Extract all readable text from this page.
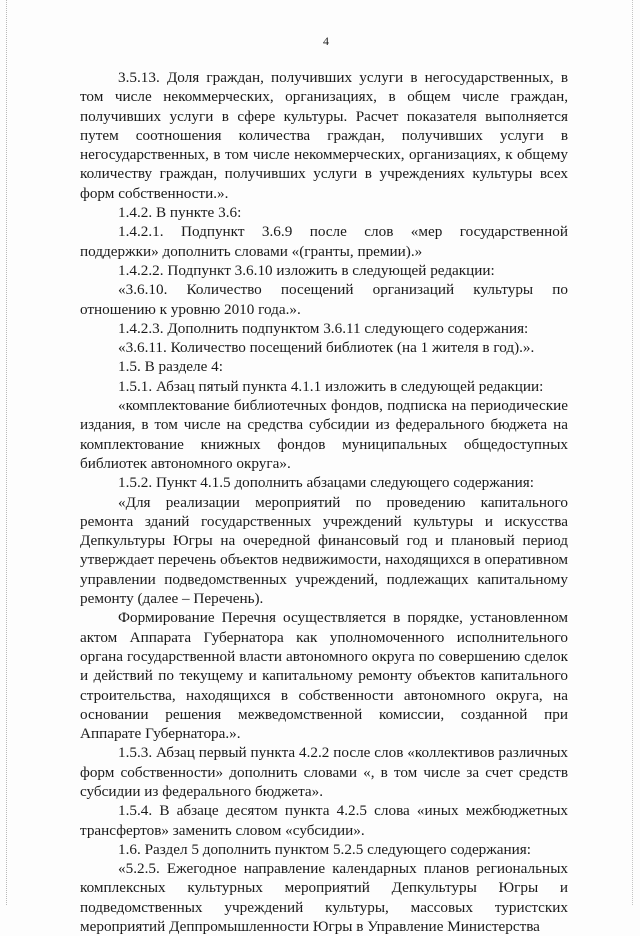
4

3.5.13. Доля граждан, получивших услуги в негосударственных, в том числе некоммерческих, организациях, в общем числе граждан, получивших услуги в сфере культуры. Расчет показателя выполняется путем соотношения количества граждан, получивших услуги в негосударственных, в том числе некоммерческих, организациях, к общему количеству граждан, получивших услуги в учреждениях культуры всех форм собственности.».

1.4.2. В пункте 3.6:

1.4.2.1. Подпункт 3.6.9 после слов «мер государственной поддержки» дополнить словами «(гранты, премии).»

1.4.2.2. Подпункт 3.6.10 изложить в следующей редакции:

«3.6.10. Количество посещений организаций культуры по отношению к уровню 2010 года.».

1.4.2.3. Дополнить подпунктом 3.6.11 следующего содержания:

«3.6.11. Количество посещений библиотек (на 1 жителя в год).».

1.5. В разделе 4:

1.5.1. Абзац пятый пункта 4.1.1 изложить в следующей редакции:

«комплектование библиотечных фондов, подписка на периодические издания, в том числе на средства субсидии из федерального бюджета на комплектование книжных фондов муниципальных общедоступных библиотек автономного округа».

1.5.2. Пункт 4.1.5 дополнить абзацами следующего содержания:

«Для реализации мероприятий по проведению капитального ремонта зданий государственных учреждений культуры и искусства Депкультуры Югры на очередной финансовый год и плановый период утверждает перечень объектов недвижимости, находящихся в оперативном управлении подведомственных учреждений, подлежащих капитальному ремонту (далее – Перечень).

Формирование Перечня осуществляется в порядке, установленном актом Аппарата Губернатора как уполномоченного исполнительного органа государственной власти автономного округа по совершению сделок и действий по текущему и капитальному ремонту объектов капитального строительства, находящихся в собственности автономного округа, на основании решения межведомственной комиссии, созданной при Аппарате Губернатора.».

1.5.3. Абзац первый пункта 4.2.2 после слов «коллективов различных форм собственности» дополнить словами «, в том числе за счет средств субсидии из федерального бюджета».

1.5.4. В абзаце десятом пункта 4.2.5 слова «иных межбюджетных трансфертов» заменить словом «субсидии».

1.6. Раздел 5 дополнить пунктом 5.2.5 следующего содержания:

«5.2.5. Ежегодное направление календарных планов региональных комплексных культурных мероприятий Депкультуры Югры и подведомственных учреждений культуры, массовых туристских мероприятий Деппромышленности Югры в Управление Министерства
